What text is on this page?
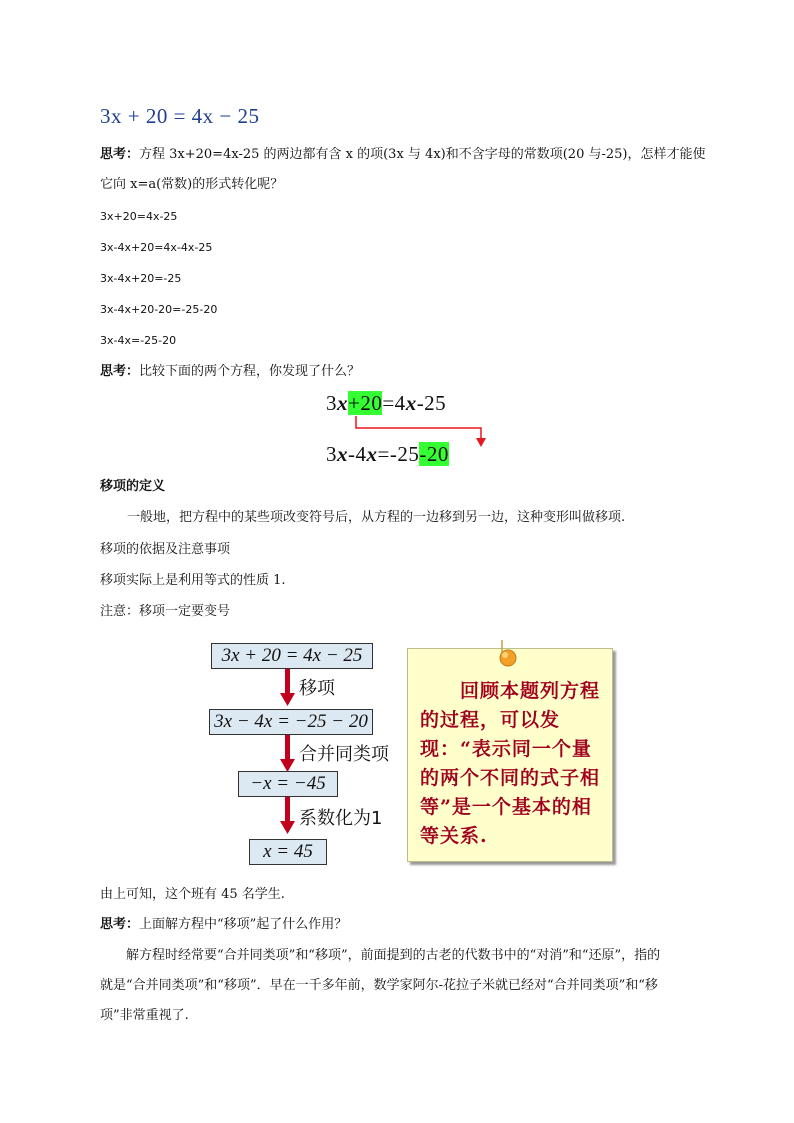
3x + 20 = 4x − 25
思考：方程 3x+20=4x-25 的两边都有含 x 的项(3x 与 4x)和不含字母的常数项(20 与-25)，怎样才能使
它向 x=a(常数)的形式转化呢？
3x+20=4x-25
3x-4x+20=4x-4x-25
3x-4x+20=-25
3x-4x+20-20=-25-20
3x-4x=-25-20
思考：比较下面的两个方程，你发现了什么？
3x+20=4x-25
3x-4x=-25-20
移项的定义
一般地，把方程中的某些项改变符号后，从方程的一边移到另一边，这种变形叫做移项.
移项的依据及注意事项
移项实际上是利用等式的性质 1.
注意：移项一定要变号
3x + 20 = 4x − 25
移项
3x − 4x = −25 − 20
合并同类项
−x = −45
系数化为1
x = 45
　　回顾本题列方程的过程，可以发现：“表示同一个量的两个不同的式子相等”是一个基本的相等关系.
由上可知，这个班有 45 名学生.
思考：上面解方程中“移项”起了什么作用？
　　解方程时经常要“合并同类项”和“移项”，前面提到的古老的代数书中的“对消”和“还原”，指的
就是“合并同类项”和“移项”．早在一千多年前，数学家阿尔-花拉子米就已经对“合并同类项”和“移
项”非常重视了.
